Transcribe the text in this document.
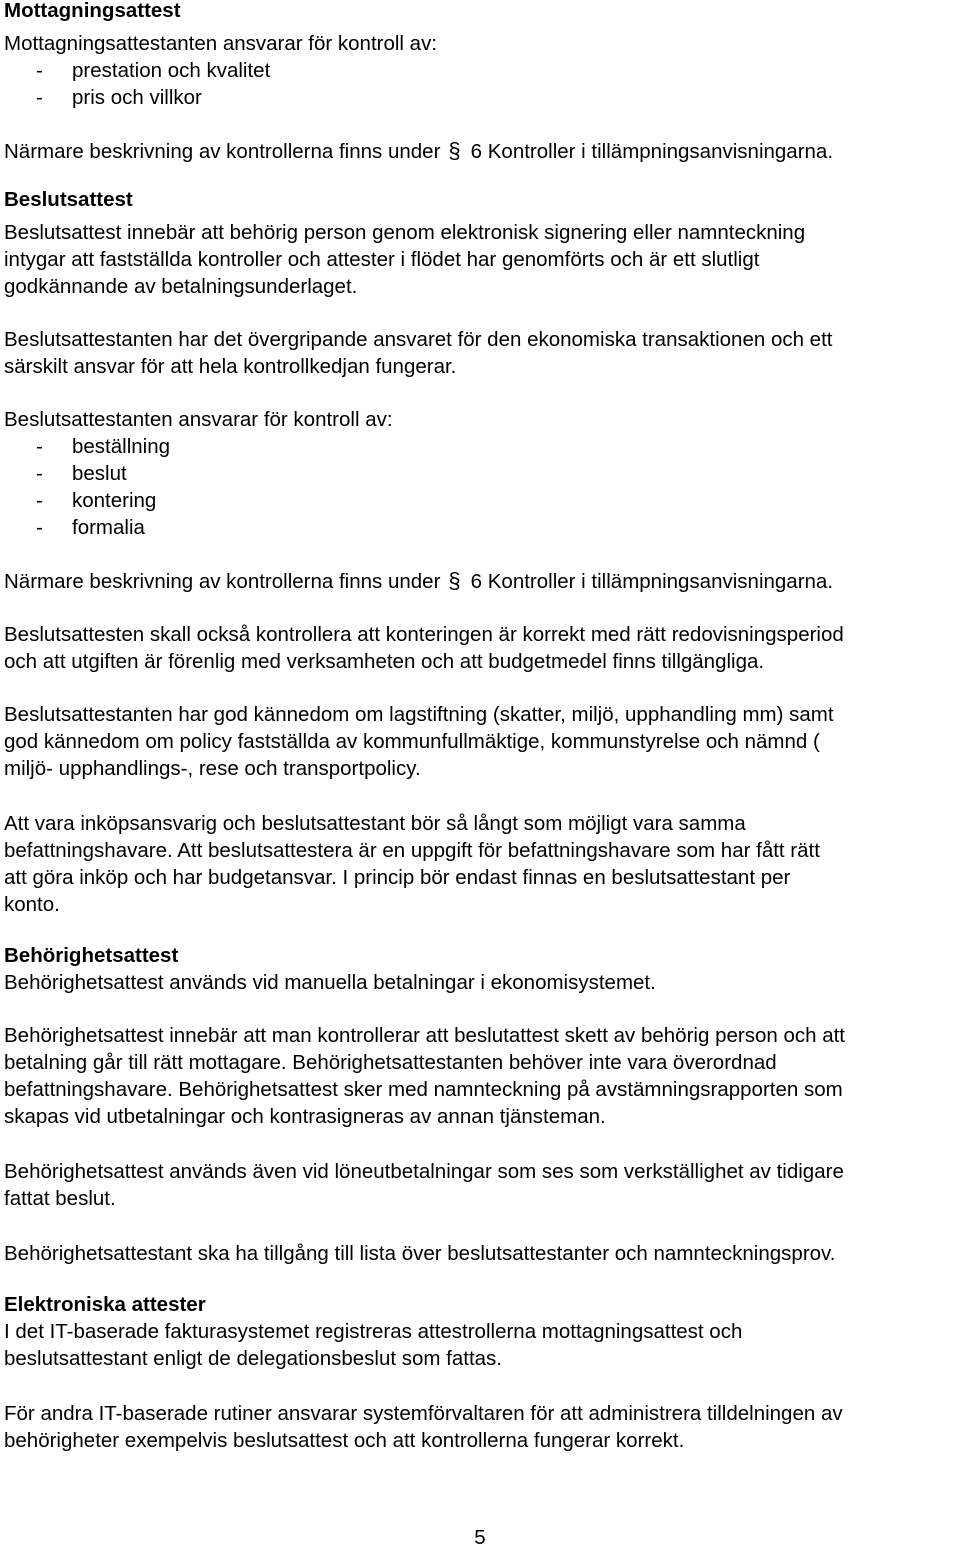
Mottagningsattest
Mottagningsattestanten ansvarar för kontroll av:
-	prestation och kvalitet
-	pris och villkor
Närmare beskrivning av kontrollerna finns under § 6 Kontroller i tillämpningsanvisningarna.
Beslutsattest
Beslutsattest innebär att behörig person genom elektronisk signering eller namnteckning
intygar att fastställda kontroller och attester i flödet har genomförts och är ett slutligt
godkännande av betalningsunderlaget.
Beslutsattestanten har det övergripande ansvaret för den ekonomiska transaktionen och ett
särskilt ansvar för att hela kontrollkedjan fungerar.
Beslutsattestanten ansvarar för kontroll av:
-	beställning
-	beslut
-	kontering
-	formalia
Närmare beskrivning av kontrollerna finns under § 6 Kontroller i tillämpningsanvisningarna.
Beslutsattesten skall också kontrollera att konteringen är korrekt med rätt redovisningsperiod
och att utgiften är förenlig med verksamheten och att budgetmedel finns tillgängliga.
Beslutsattestanten har god kännedom om lagstiftning (skatter, miljö, upphandling mm) samt
god kännedom om policy fastställda av kommunfullmäktige, kommunstyrelse och nämnd (
miljö- upphandlings-, rese och transportpolicy.
Att vara inköpsansvarig och beslutsattestant bör så långt som möjligt vara samma
befattningshavare. Att beslutsattestera är en uppgift för befattningshavare som har fått rätt
att göra inköp och har budgetansvar. I princip bör endast finnas en beslutsattestant per
konto.
Behörighetsattest
Behörighetsattest används vid manuella betalningar i ekonomisystemet.
Behörighetsattest innebär att man kontrollerar att beslutattest skett av behörig person och att
betalning går till rätt mottagare. Behörighetsattestanten behöver inte vara överordnad
befattningshavare. Behörighetsattest sker med namnteckning på avstämningsrapporten som
skapas vid utbetalningar och kontrasigneras av annan tjänsteman.
Behörighetsattest används även vid löneutbetalningar som ses som verkställighet av tidigare
fattat beslut.
Behörighetsattestant ska ha tillgång till lista över beslutsattestanter och namnteckningsprov.
Elektroniska attester
I det IT-baserade fakturasystemet registreras attestrollerna mottagningsattest och
beslutsattestant enligt de delegationsbeslut som fattas.
För andra IT-baserade rutiner ansvarar systemförvaltaren för att administrera tilldelningen av
behörigheter exempelvis beslutsattest och att kontrollerna fungerar korrekt.
5
